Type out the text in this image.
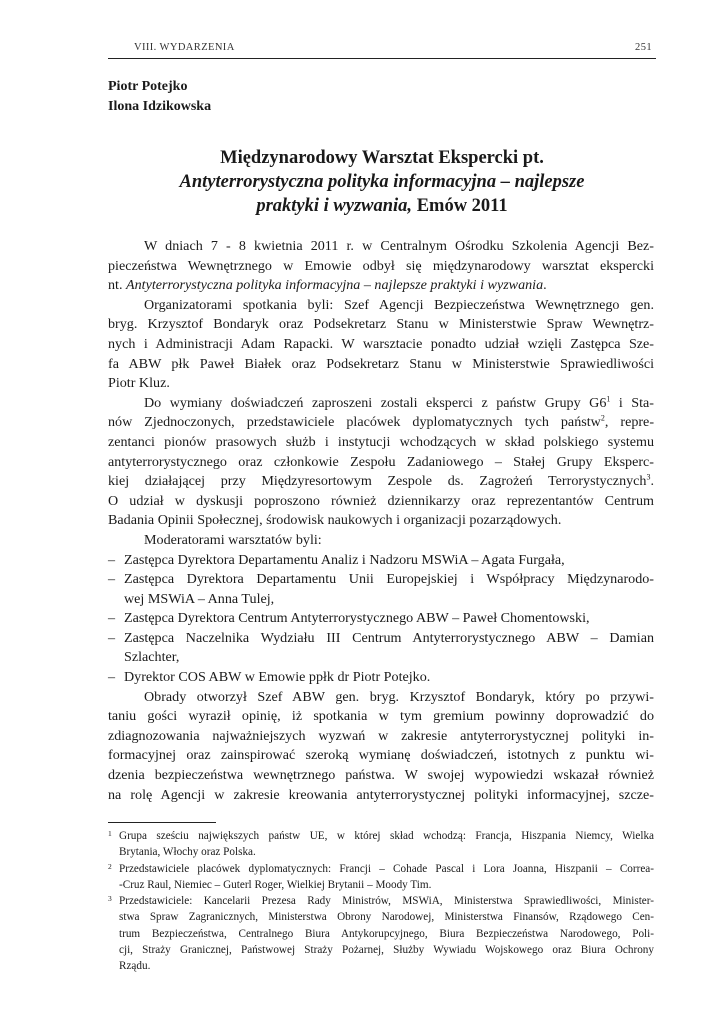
VIII. WYDARZENIA	251
Piotr Potejko
Ilona Idzikowska
Międzynarodowy Warsztat Ekspercki pt.
Antyterrorystyczna polityka informacyjna – najlepsze
praktyki i wyzwania, Emów 2011
W dniach 7 - 8 kwietnia 2011 r. w Centralnym Ośrodku Szkolenia Agencji Bez-
pieczeństwa Wewnętrznego w Emowie odbył się międzynarodowy warsztat ekspercki
nt. Antyterrorystyczna polityka informacyjna – najlepsze praktyki i wyzwania.
Organizatorami spotkania byli: Szef Agencji Bezpieczeństwa Wewnętrznego gen.
bryg. Krzysztof Bondaryk oraz Podsekretarz Stanu w Ministerstwie Spraw Wewnętrz-
nych i Administracji Adam Rapacki. W warsztacie ponadto udział wzięli Zastępca Sze-
fa ABW płk Paweł Białek oraz Podsekretarz Stanu w Ministerstwie Sprawiedliwości
Piotr Kluz.
Do wymiany doświadczeń zaproszeni zostali eksperci z państw Grupy $G6^1$ i Sta-
nów Zjednoczonych, przedstawiciele placówek dyplomatycznych tych państw$^2$, repre-
zentanci pionów prasowych służb i instytucji wchodzących w skład polskiego systemu
antyterrorystycznego oraz członkowie Zespołu Zadaniowego – Stałej Grupy Eksperc-
kiej działającej przy Międzyresortowym Zespole ds. Zagrożeń Terrorystycznych$^3$.
O udział w dyskusji poproszono również dziennikarzy oraz reprezentantów Centrum
Badania Opinii Społecznej, środowisk naukowych i organizacji pozarządowych.
Moderatorami warsztatów byli:
– Zastępca Dyrektora Departamentu Analiz i Nadzoru MSWiA – Agata Furgała,
– Zastępca Dyrektora Departamentu Unii Europejskiej i Współpracy Międzynarodo-
wej MSWiA – Anna Tulej,
– Zastępca Dyrektora Centrum Antyterrorystycznego ABW – Paweł Chomentowski,
– Zastępca Naczelnika Wydziału III Centrum Antyterrorystycznego ABW – Damian
Szlachter,
– Dyrektor COS ABW w Emowie ppłk dr Piotr Potejko.
Obrady otworzył Szef ABW gen. bryg. Krzysztof Bondaryk, który po przywi-
taniu gości wyraził opinię, iż spotkania w tym gremium powinny doprowadzić do
zdiagnozowania najważniejszych wyzwań w zakresie antyterrorystycznej polityki in-
formacyjnej oraz zainspirować szeroką wymianę doświadczeń, istotnych z punktu wi-
dzenia bezpieczeństwa wewnętrznego państwa. W swojej wypowiedzi wskazał również
na rolę Agencji w zakresie kreowania antyterrorystycznej polityki informacyjnej, szcze-
1 Grupa sześciu największych państw UE, w której skład wchodzą: Francja, Hiszpania Niemcy, Wielka
Brytania, Włochy oraz Polska.
2 Przedstawiciele placówek dyplomatycznych: Francji – Cohade Pascal i Lora Joanna, Hiszpanii – Correa-
-Cruz Raul, Niemiec – Guterl Roger, Wielkiej Brytanii – Moody Tim.
3 Przedstawiciele: Kancelarii Prezesa Rady Ministrów, MSWiA, Ministerstwa Sprawiedliwości, Minister-
stwa Spraw Zagranicznych, Ministerstwa Obrony Narodowej, Ministerstwa Finansów, Rządowego Cen-
trum Bezpieczeństwa, Centralnego Biura Antykorupcyjnego, Biura Bezpieczeństwa Narodowego, Poli-
cji, Straży Granicznej, Państwowej Straży Pożarnej, Służby Wywiadu Wojskowego oraz Biura Ochrony
Rządu.
